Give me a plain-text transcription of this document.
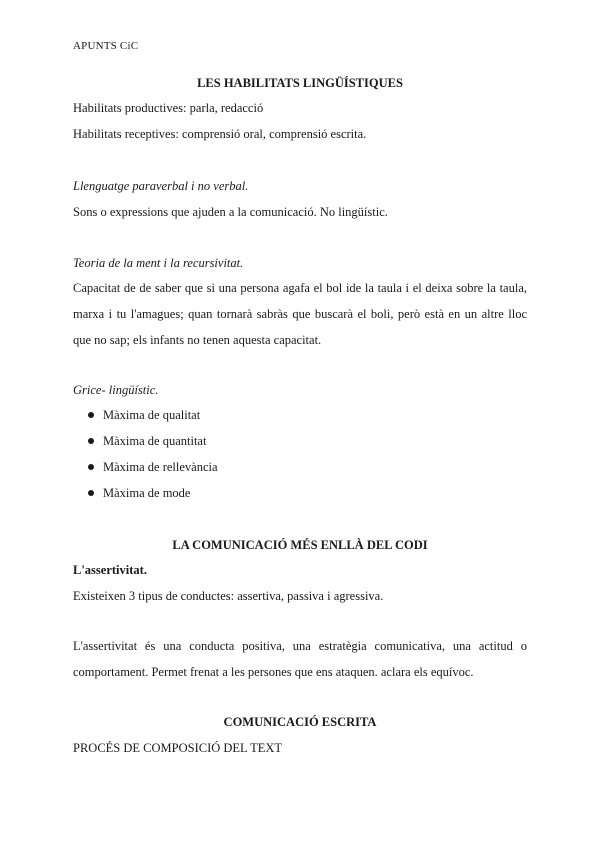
APUNTS CiC
LES HABILITATS LINGÜÍSTIQUES
Habilitats productives: parla, redacció
Habilitats receptives: comprensió oral, comprensió escrita.
Llenguatge paraverbal i no verbal.
Sons o expressions que ajuden a la comunicació. No lingüístic.
Teoria de la ment i la recursivitat.
Capacitat de de saber que si una persona agafa el bol ide la taula i el deixa sobre la taula, marxa i tu l'amagues; quan tornarà sabràs que buscarà el boli, però està en un altre lloc que no sap; els infants no tenen aquesta capacitat.
Grice- lingüístic.
Màxima de qualitat
Màxima de quantitat
Màxima de rellevància
Màxima de mode
LA COMUNICACIÓ MÉS ENLLÀ DEL CODI
L'assertivitat.
Existeixen 3 tipus de conductes: assertiva, passiva i agressiva.
L'assertivitat és una conducta positiva, una estratègia comunicativa, una actitud o comportament. Permet frenat a les persones que ens ataquen. aclara els equívoc.
COMUNICACIÓ ESCRITA
PROCÉS DE COMPOSICIÓ DEL TEXT
